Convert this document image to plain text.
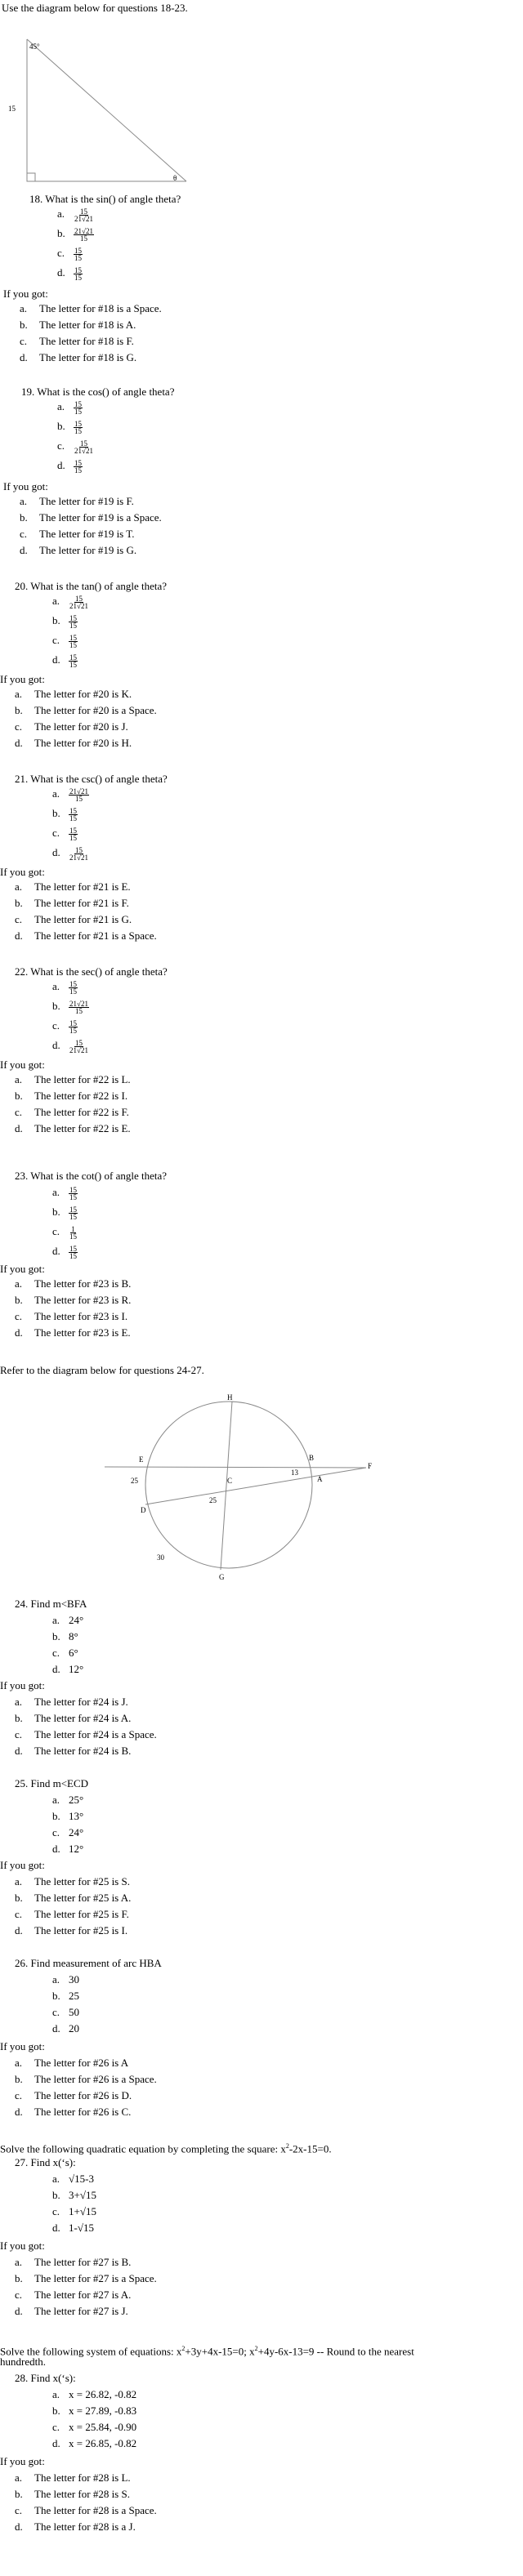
Use the diagram below for questions 18-23.
45°
15
θ
18. What is the sin() of angle theta?
a. $\frac{15}{21√21}$
b. $\frac{21√21}{15}$
c. $\frac{15}{15}$
d. $\frac{15}{15}$
If you got:
a. The letter for #18 is a Space.
b. The letter for #18 is A.
c. The letter for #18 is F.
d. The letter for #18 is G.
19. What is the cos() of angle theta?
a. $\frac{15}{15}$
b. $\frac{15}{15}$
c. $\frac{15}{21√21}$
d. $\frac{15}{15}$
If you got:
a. The letter for #19 is F.
b. The letter for #19 is a Space.
c. The letter for #19 is T.
d. The letter for #19 is G.
20. What is the tan() of angle theta?
a. $\frac{15}{21√21}$
b. $\frac{15}{15}$
c. $\frac{15}{15}$
d. $\frac{15}{15}$
If you got:
a. The letter for #20 is K.
b. The letter for #20 is a Space.
c. The letter for #20 is J.
d. The letter for #20 is H.
21. What is the csc() of angle theta?
a. $\frac{21√21}{15}$
b. $\frac{15}{15}$
c. $\frac{15}{15}$
d. $\frac{15}{21√21}$
If you got:
a. The letter for #21 is E.
b. The letter for #21 is F.
c. The letter for #21 is G.
d. The letter for #21 is a Space.
22. What is the sec() of angle theta?
a. $\frac{15}{15}$
b. $\frac{21√21}{15}$
c. $\frac{15}{15}$
d. $\frac{15}{21√21}$
If you got:
a. The letter for #22 is L.
b. The letter for #22 is I.
c. The letter for #22 is F.
d. The letter for #22 is E.
23. What is the cot() of angle theta?
a. $\frac{15}{15}$
b. $\frac{15}{15}$
c. $\frac{1}{15}$
d. $\frac{15}{15}$
If you got:
a. The letter for #23 is B.
b. The letter for #23 is R.
c. The letter for #23 is I.
d. The letter for #23 is E.
Refer to the diagram below for questions 24-27.
H
B
F
E
A
C
D
G
13
25
25
30
24. Find m<BFA
a. 24°
b. 8°
c. 6°
d. 12°
If you got:
a. The letter for #24 is J.
b. The letter for #24 is A.
c. The letter for #24 is a Space.
d. The letter for #24 is B.
25. Find m<ECD
a. 25°
b. 13°
c. 24°
d. 12°
If you got:
a. The letter for #25 is S.
b. The letter for #25 is A.
c. The letter for #25 is F.
d. The letter for #25 is I.
26. Find measurement of arc HBA
a. 30
b. 25
c. 50
d. 20
If you got:
a. The letter for #26 is A
b. The letter for #26 is a Space.
c. The letter for #26 is D.
d. The letter for #26 is C.
Solve the following quadratic equation by completing the square: $x^2-2x-15=0$.
27. Find x(‘s):
a. √15-3
b. 3+√15
c. 1+√15
d. 1-√15
If you got:
a. The letter for #27 is B.
b. The letter for #27 is a Space.
c. The letter for #27 is A.
d. The letter for #27 is J.
Solve the following system of equations: $x^2+3y+4x-15=0$; $x^2+4y-6x-13=9$ -- Round to the nearest
hundredth.
28. Find x(‘s):
a. x = 26.82, -0.82
b. x = 27.89, -0.83
c. x = 25.84, -0.90
d. x = 26.85, -0.82
If you got:
a. The letter for #28 is L.
b. The letter for #28 is S.
c. The letter for #28 is a Space.
d. The letter for #28 is a J.
